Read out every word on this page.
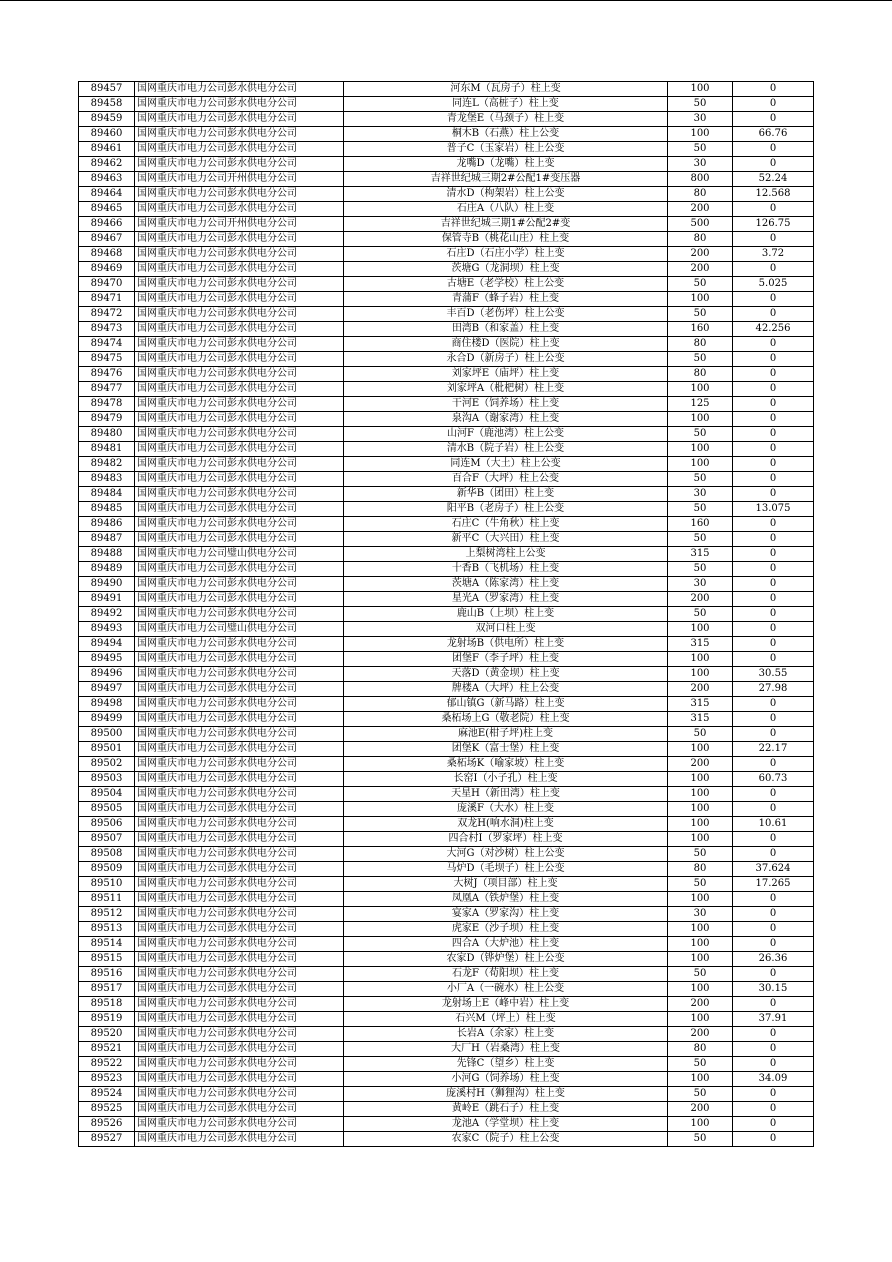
89457	国网重庆市电力公司彭水供电分公司	河东M（瓦房子）柱上变	100	0
89458	国网重庆市电力公司彭水供电分公司	同连L（高桩子）柱上变	50	0
89459	国网重庆市电力公司彭水供电分公司	青龙堡E（马颈子）柱上变	30	0
89460	国网重庆市电力公司彭水供电分公司	桐木B（石燕）柱上公变	100	66.76
89461	国网重庆市电力公司彭水供电分公司	普子C（玉家岩）柱上公变	50	0
89462	国网重庆市电力公司彭水供电分公司	龙嘴D（龙嘴）柱上变	30	0
89463	国网重庆市电力公司开州供电分公司	吉祥世纪城三期2#公配1#变压器	800	52.24
89464	国网重庆市电力公司彭水供电分公司	清水D（枸架岩）柱上公变	80	12.568
89465	国网重庆市电力公司彭水供电分公司	石庄A（八队）柱上变	200	0
89466	国网重庆市电力公司开州供电分公司	吉祥世纪城三期1#公配2#变	500	126.75
89467	国网重庆市电力公司彭水供电分公司	保管寺B（桃花山庄）柱上变	80	0
89468	国网重庆市电力公司彭水供电分公司	石庄D（石庄小学）柱上变	200	3.72
89469	国网重庆市电力公司彭水供电分公司	茨塘G（龙洞坝）柱上变	200	0
89470	国网重庆市电力公司彭水供电分公司	古塘E（老学校）柱上公变	50	5.025
89471	国网重庆市电力公司彭水供电分公司	青蒲F（蜂子岩）柱上变	100	0
89472	国网重庆市电力公司彭水供电分公司	丰百D（老伤坪）柱上公变	50	0
89473	国网重庆市电力公司彭水供电分公司	田湾B（和家盖）柱上变	160	42.256
89474	国网重庆市电力公司彭水供电分公司	商住楼D（医院）柱上变	80	0
89475	国网重庆市电力公司彭水供电分公司	永合D（新房子）柱上公变	50	0
89476	国网重庆市电力公司彭水供电分公司	刘家坪E（庙坪）柱上变	80	0
89477	国网重庆市电力公司彭水供电分公司	刘家坪A（枇杷树）柱上变	100	0
89478	国网重庆市电力公司彭水供电分公司	干河E（饲养场）柱上变	125	0
89479	国网重庆市电力公司彭水供电分公司	泉沟A（谢家湾）柱上变	100	0
89480	国网重庆市电力公司彭水供电分公司	山河F（鹿池湾）柱上公变	50	0
89481	国网重庆市电力公司彭水供电分公司	清水B（院子岩）柱上公变	100	0
89482	国网重庆市电力公司彭水供电分公司	同连M（大土）柱上公变	100	0
89483	国网重庆市电力公司彭水供电分公司	百合F（大坪）柱上公变	50	0
89484	国网重庆市电力公司彭水供电分公司	新华B（团田）柱上变	30	0
89485	国网重庆市电力公司彭水供电分公司	阳平B（老房子）柱上公变	50	13.075
89486	国网重庆市电力公司彭水供电分公司	石庄C（牛角秋）柱上变	160	0
89487	国网重庆市电力公司彭水供电分公司	新平C（大兴田）柱上变	50	0
89488	国网重庆市电力公司璧山供电分公司	上梨树湾柱上公变	315	0
89489	国网重庆市电力公司彭水供电分公司	十香B（飞机场）柱上变	50	0
89490	国网重庆市电力公司彭水供电分公司	茨塘A（陈家湾）柱上变	30	0
89491	国网重庆市电力公司彭水供电分公司	星光A（罗家湾）柱上变	200	0
89492	国网重庆市电力公司彭水供电分公司	鹿山B（上坝）柱上变	50	0
89493	国网重庆市电力公司璧山供电分公司	双河口柱上变	100	0
89494	国网重庆市电力公司彭水供电分公司	龙射场B（供电所）柱上变	315	0
89495	国网重庆市电力公司彭水供电分公司	团堡F（李子坪）柱上变	100	0
89496	国网重庆市电力公司彭水供电分公司	天落D（黄金坝）柱上变	100	30.55
89497	国网重庆市电力公司彭水供电分公司	牌楼A（大坪）柱上公变	200	27.98
89498	国网重庆市电力公司彭水供电分公司	郁山镇G（新马路）柱上变	315	0
89499	国网重庆市电力公司彭水供电分公司	桑柘场上G（敬老院）柱上变	315	0
89500	国网重庆市电力公司彭水供电分公司	麻池E(柑子坪)柱上变	50	0
89501	国网重庆市电力公司彭水供电分公司	团堡K（富士堡）柱上变	100	22.17
89502	国网重庆市电力公司彭水供电分公司	桑柘场K（喻家坡）柱上变	200	0
89503	国网重庆市电力公司彭水供电分公司	长窑I（小子孔）柱上变	100	60.73
89504	国网重庆市电力公司彭水供电分公司	天星H（新田湾）柱上变	100	0
89505	国网重庆市电力公司彭水供电分公司	庞溪F（大水）柱上变	100	0
89506	国网重庆市电力公司彭水供电分公司	双龙H(响水洞)柱上变	100	10.61
89507	国网重庆市电力公司彭水供电分公司	四合村I（罗家坪）柱上变	100	0
89508	国网重庆市电力公司彭水供电分公司	大河G（对沙树）柱上公变	50	0
89509	国网重庆市电力公司彭水供电分公司	马炉D（毛坝子）柱上公变	80	37.624
89510	国网重庆市电力公司彭水供电分公司	大树J（项目部）柱上变	50	17.265
89511	国网重庆市电力公司彭水供电分公司	凤凰A（铁炉堡）柱上变	100	0
89512	国网重庆市电力公司彭水供电分公司	宴家A（罗家沟）柱上变	30	0
89513	国网重庆市电力公司彭水供电分公司	虎家E（沙子坝）柱上变	100	0
89514	国网重庆市电力公司彭水供电分公司	四合A（大炉池）柱上变	100	0
89515	国网重庆市电力公司彭水供电分公司	农家D（铧炉堡）柱上公变	100	26.36
89516	国网重庆市电力公司彭水供电分公司	石龙F（荀阳坝）柱上变	50	0
89517	国网重庆市电力公司彭水供电分公司	小厂A（一碗水）柱上公变	100	30.15
89518	国网重庆市电力公司彭水供电分公司	龙射场上E（峰中岩）柱上变	200	0
89519	国网重庆市电力公司彭水供电分公司	石兴M（坪上）柱上变	100	37.91
89520	国网重庆市电力公司彭水供电分公司	长岩A（余家）柱上变	200	0
89521	国网重庆市电力公司彭水供电分公司	大厂H（岩桑湾）柱上变	80	0
89522	国网重庆市电力公司彭水供电分公司	先锋C（望乡）柱上变	50	0
89523	国网重庆市电力公司彭水供电分公司	小河G（饲养场）柱上变	100	34.09
89524	国网重庆市电力公司彭水供电分公司	庞溪村H（狮狸沟）柱上变	50	0
89525	国网重庆市电力公司彭水供电分公司	黄岭E（跳石子）柱上变	200	0
89526	国网重庆市电力公司彭水供电分公司	龙池A（学堂坝）柱上变	100	0
89527	国网重庆市电力公司彭水供电分公司	农家C（院子）柱上公变	50	0
